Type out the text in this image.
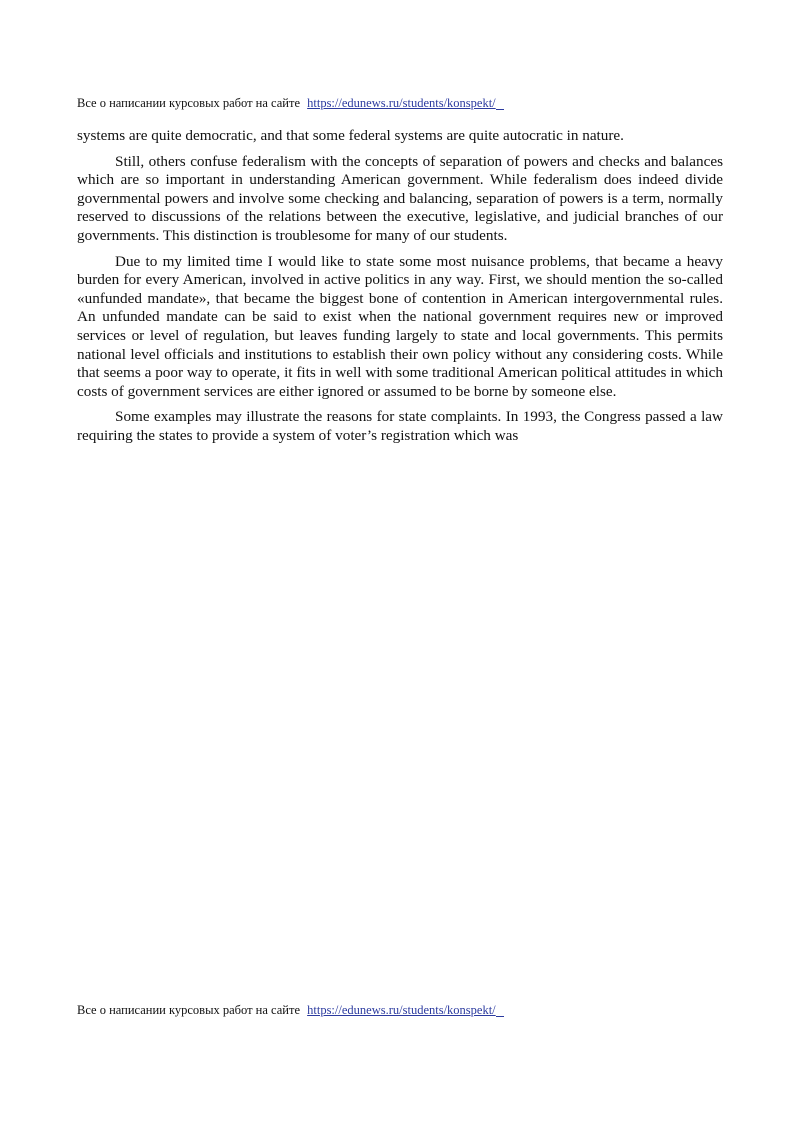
Все о написании курсовых работ на сайте https://edunews.ru/students/konspekt/

systems are quite democratic, and that some federal systems are quite autocratic in nature.

Still, others confuse federalism with the concepts of separation of powers and checks and balances which are so important in understanding American government. While federalism does indeed divide governmental powers and involve some checking and balancing, separation of powers is a term, normally reserved to discussions of the relations between the executive, legislative, and judicial branches of our governments. This distinction is troublesome for many of our students.

Due to my limited time I would like to state some most nuisance problems, that became a heavy burden for every American, involved in active politics in any way. First, we should mention the so-called «unfunded mandate», that became the biggest bone of contention in American intergovernmental rules. An unfunded mandate can be said to exist when the national government requires new or improved services or level of regulation, but leaves funding largely to state and local governments. This permits national level officials and institutions to establish their own policy without any considering costs. While that seems a poor way to operate, it fits in well with some traditional American political attitudes in which costs of government services are either ignored or assumed to be borne by someone else.

Some examples may illustrate the reasons for state complaints. In 1993, the Congress passed a law requiring the states to provide a system of voter’s registration which was

Все о написании курсовых работ на сайте https://edunews.ru/students/konspekt/
